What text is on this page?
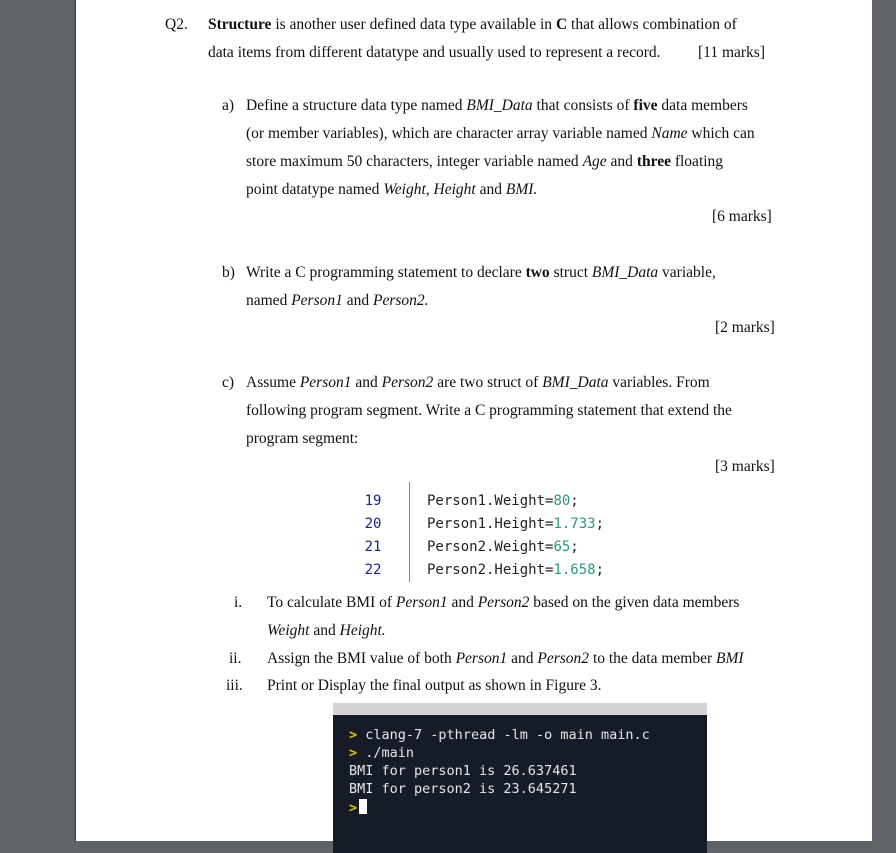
Q2. Structure is another user defined data type available in C that allows combination of
data items from different datatype and usually used to represent a record. [11 marks]
a) Define a structure data type named BMI_Data that consists of five data members
(or member variables), which are character array variable named Name which can
store maximum 50 characters, integer variable named Age and three floating
point datatype named Weight, Height and BMI.
[6 marks]
b) Write a C programming statement to declare two struct BMI_Data variable,
named Person1 and Person2.
[2 marks]
c) Assume Person1 and Person2 are two struct of BMI_Data variables. From
following program segment. Write a C programming statement that extend the
program segment:
[3 marks]
19	Person1.Weight=80;
20	Person1.Height=1.733;
21	Person2.Weight=65;
22	Person2.Height=1.658;
i. To calculate BMI of Person1 and Person2 based on the given data members
Weight and Height.
ii. Assign the BMI value of both Person1 and Person2 to the data member BMI
iii. Print or Display the final output as shown in Figure 3.
> clang-7 -pthread -lm -o main main.c
> ./main
BMI for person1 is 26.637461
BMI for person2 is 23.645271
>
